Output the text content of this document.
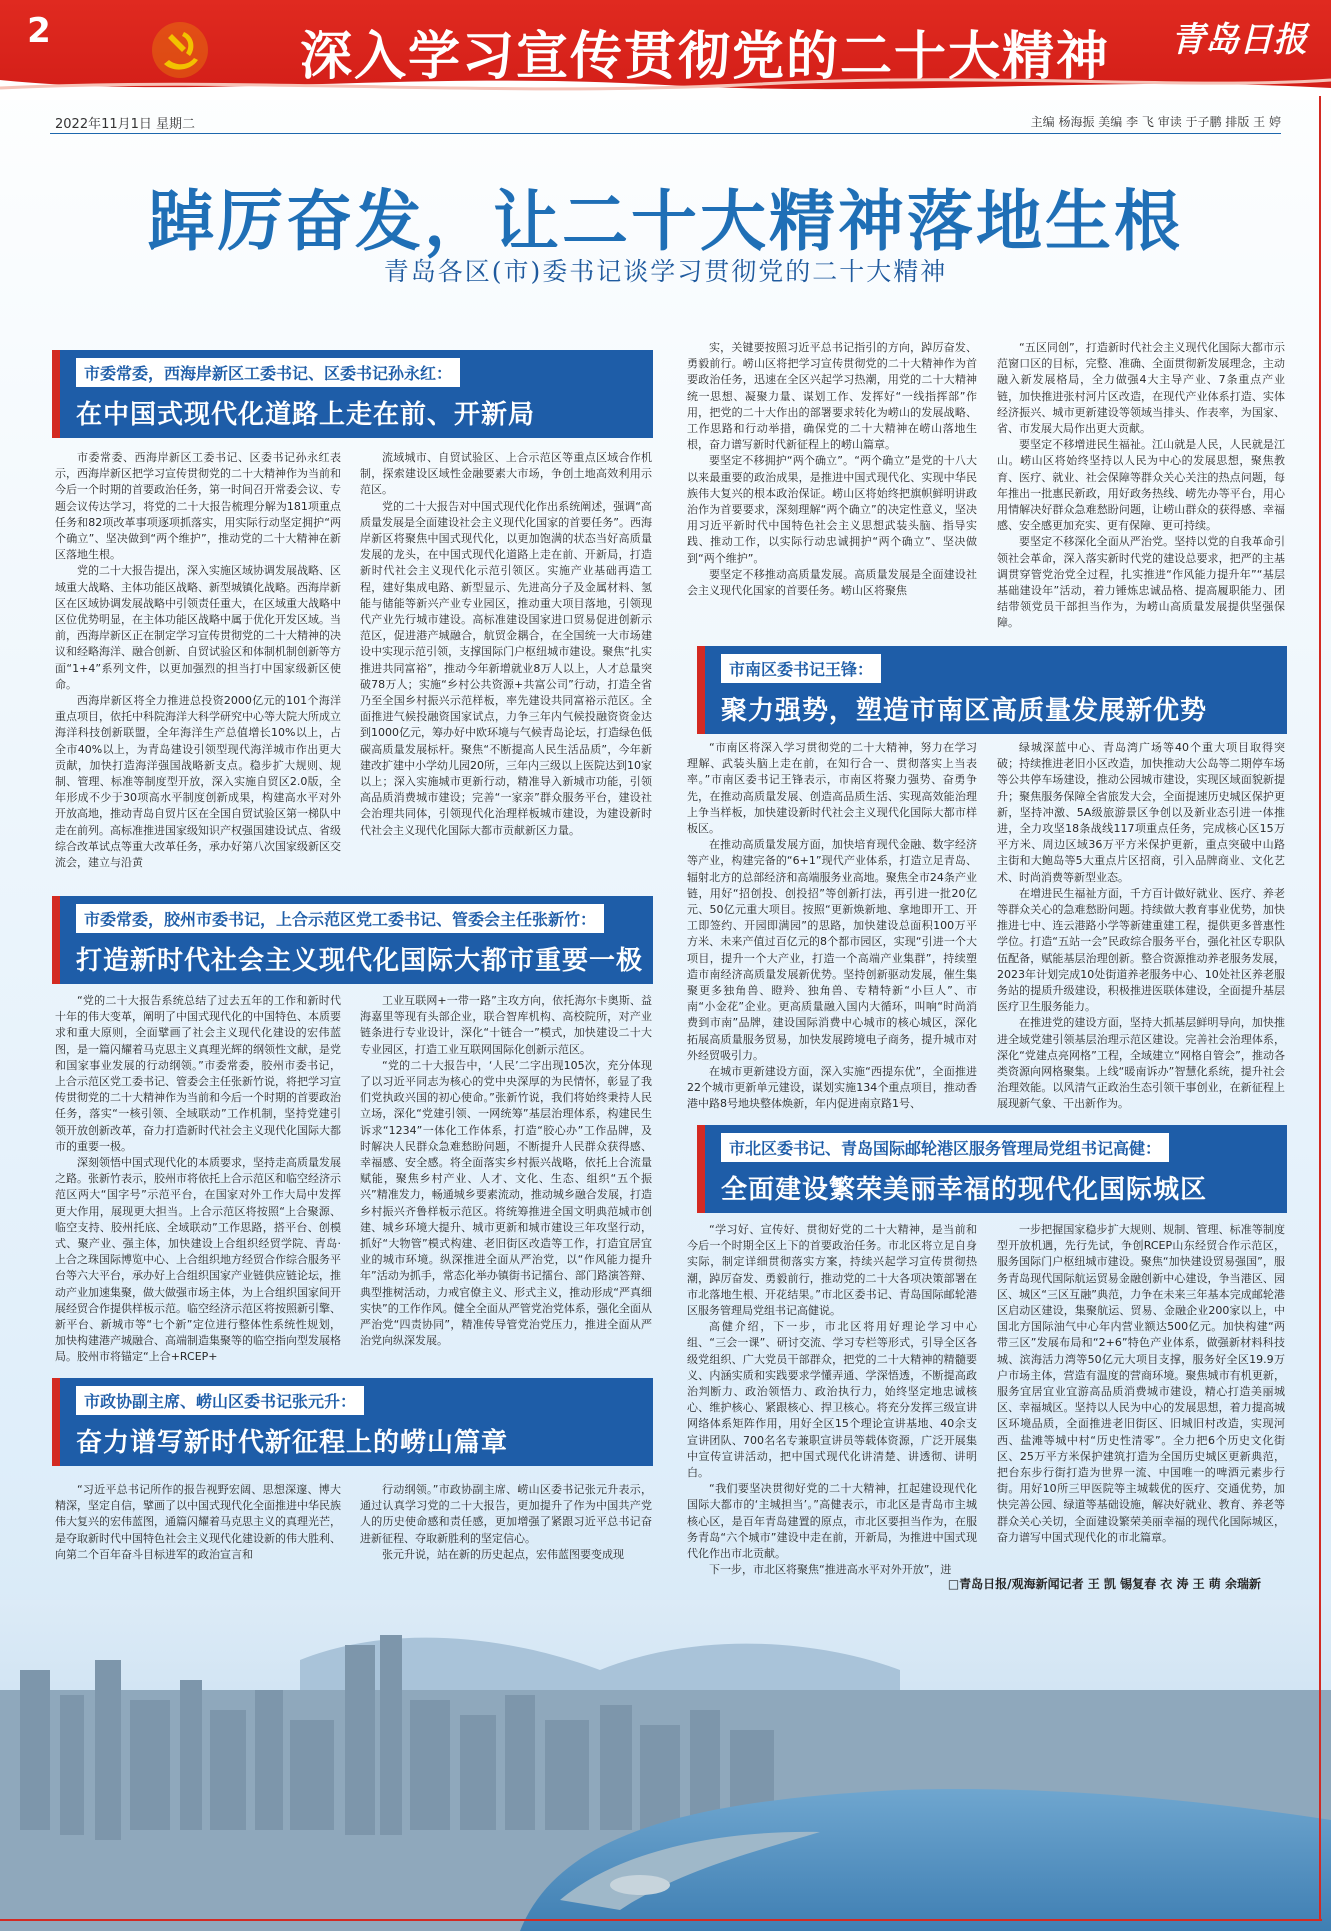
2	深入学习宣传贯彻党的二十大精神 青岛日报
2022年11月1日 星期二	主编 杨海振 美编 李 飞 审读 于子鹏 排版 王 婷
踔厉奋发，让二十大精神落地生根
青岛各区(市)委书记谈学习贯彻党的二十大精神
市委常委，西海岸新区工委书记、区委书记孙永红：
在中国式现代化道路上走在前、开新局

市委常委、西海岸新区工委书记、区委书记孙永红表示，西海岸新区把学习宣传贯彻党的二十大精神作为当前和今后一个时期的首要政治任务，第一时间召开常委会议、专题会议传达学习，将党的二十大报告梳理分解为181项重点任务和82项改革事项逐项抓落实，用实际行动坚定拥护“两个确立”、坚决做到“两个维护”，推动党的二十大精神在新区落地生根。

党的二十大报告提出，深入实施区域协调发展战略、区域重大战略、主体功能区战略、新型城镇化战略。西海岸新区在区域协调发展战略中引领责任重大，在区域重大战略中区位优势明显，在主体功能区战略中属于优化开发区域。当前，西海岸新区正在制定学习宣传贯彻党的二十大精神的决议和经略海洋、融合创新、自贸试验区和体制机制创新等方面“1+4”系列文件，以更加强烈的担当打中国家级新区使命。

西海岸新区将全力推进总投资2000亿元的101个海洋重点项目，依托中科院海洋大科学研究中心等大院大所成立海洋科技创新联盟，全年海洋生产总值增长10%以上，占全市40%以上，为青岛建设引领型现代海洋城市作出更大贡献，加快打造海洋强国战略新支点。稳步扩大规则、规制、管理、标准等制度型开放，深入实施自贸区2.0版，全年形成不少于30项高水平制度创新成果，构建高水平对外开放高地，推动青岛自贸片区在全国自贸试验区第一梯队中走在前列。高标准推进国家级知识产权强国建设试点、省级综合改革试点等重大改革任务，承办好第八次国家级新区交流会，建立与沿黄

流域城市、自贸试验区、上合示范区等重点区域合作机制，探索建设区域性金融要素大市场，争创土地高效利用示范区。

党的二十大报告对中国式现代化作出系统阐述，强调“高质量发展是全面建设社会主义现代化国家的首要任务”。西海岸新区将聚焦中国式现代化，以更加饱满的状态当好高质量发展的龙头，在中国式现代化道路上走在前、开新局，打造新时代社会主义现代化示范引领区。实施产业基础再造工程，建好集成电路、新型显示、先进高分子及金属材料、氢能与储能等新兴产业专业园区，推动重大项目落地，引领现代产业先行城市建设。高标准建设国家进口贸易促进创新示范区，促进港产城融合，航贸金耦合，在全国统一大市场建设中实现示范引领，支撑国际门户枢纽城市建设。聚焦“扎实推进共同富裕”，推动今年新增就业8万人以上，人才总量突破78万人；实施“乡村公共资源+共富公司”行动，打造全省乃至全国乡村振兴示范样板，率先建设共同富裕示范区。全面推进气候投融资国家试点，力争三年内气候投融资资金达到1000亿元，筹办好中欧环境与气候青岛论坛，打造绿色低碳高质量发展标杆。聚焦“不断提高人民生活品质”，今年新建改扩建中小学幼儿园20所，三年内三级以上医院达到10家以上；深入实施城市更新行动，精准导入新城市功能，引领高品质消费城市建设；完善“一家亲”群众服务平台，建设社会治理共同体，引领现代化治理样板城市建设，为建设新时代社会主义现代化国际大都市贡献新区力量。

市委常委，胶州市委书记，上合示范区党工委书记、管委会主任张新竹：
打造新时代社会主义现代化国际大都市重要一极

“党的二十大报告系统总结了过去五年的工作和新时代十年的伟大变革，阐明了中国式现代化的中国特色、本质要求和重大原则，全面擘画了社会主义现代化建设的宏伟蓝图，是一篇闪耀着马克思主义真理光辉的纲领性文献，是党和国家事业发展的行动纲领。”市委常委，胶州市委书记，上合示范区党工委书记、管委会主任张新竹说，将把学习宣传贯彻党的二十大精神作为当前和今后一个时期的首要政治任务，落实“一核引领、全域联动”工作机制，坚持党建引领开放创新改革，奋力打造新时代社会主义现代化国际大都市的重要一极。

深刻领悟中国式现代化的本质要求，坚持走高质量发展之路。张新竹表示，胶州市将依托上合示范区和临空经济示范区两大“国字号”示范平台，在国家对外工作大局中发挥更大作用，展现更大担当。上合示范区将按照“上合聚源、临空支持、胶州托底、全域联动”工作思路，搭平台、创模式、聚产业、强主体，加快建设上合组织经贸学院、青岛·上合之珠国际博览中心、上合组织地方经贸合作综合服务平台等六大平台，承办好上合组织国家产业链供应链论坛，推动产业加速集聚，做大做强市场主体，为上合组织国家间开展经贸合作提供样板示范。临空经济示范区将按照新引擎、新平台、新城市等“七个新”定位进行整体性系统性规划，加快构建港产城融合、高端制造集聚等的临空指向型发展格局。胶州市将锚定“上合+RCEP+

工业互联网+一带一路”主攻方向，依托海尔卡奥斯、益海嘉里等现有头部企业，联合智库机构、高校院所，对产业链条进行专业设计，深化“十链合一”模式，加快建设二十大专业园区，打造工业互联网国际化创新示范区。

“党的二十大报告中，‘人民’二字出现105次，充分体现了以习近平同志为核心的党中央深厚的为民情怀，彰显了我们党执政兴国的初心使命。”张新竹说，我们将始终秉持人民立场，深化“党建引领、一网统筹”基层治理体系，构建民生诉求“1234”一体化工作体系，打造“胶心办”工作品牌，及时解决人民群众急难愁盼问题，不断提升人民群众获得感、幸福感、安全感。将全面落实乡村振兴战略，依托上合流量赋能，聚焦乡村产业、人才、文化、生态、组织“五个振兴”精准发力，畅通城乡要素流动，推动城乡融合发展，打造乡村振兴齐鲁样板示范区。将统筹推进全国文明典范城市创建、城乡环境大提升、城市更新和城市建设三年攻坚行动，抓好“大物管”模式构建、老旧街区改造等工作，打造宜居宜业的城市环境。纵深推进全面从严治党，以“作风能力提升年”活动为抓手，常态化举办镇街书记擂台、部门路演答辩、典型推树活动，力戒官僚主义、形式主义，推动形成“严真细实快”的工作作风。健全全面从严管党治党体系，强化全面从严治党“四责协同”，精准传导管党治党压力，推进全面从严治党向纵深发展。

市政协副主席、崂山区委书记张元升：
奋力谱写新时代新征程上的崂山篇章

“习近平总书记所作的报告视野宏阔、思想深邃、博大精深，坚定自信，擘画了以中国式现代化全面推进中华民族伟大复兴的宏伟蓝图，通篇闪耀着马克思主义的真理光芒，是夺取新时代中国特色社会主义现代化建设新的伟大胜利、向第二个百年奋斗目标进军的政治宣言和

行动纲领。”市政协副主席、崂山区委书记张元升表示，通过认真学习党的二十大报告，更加提升了作为中国共产党人的历史使命感和责任感，更加增强了紧跟习近平总书记奋进新征程、夺取新胜利的坚定信心。

张元升说，站在新的历史起点，宏伟蓝图要变成现

实，关键要按照习近平总书记指引的方向，踔厉奋发、勇毅前行。崂山区将把学习宣传贯彻党的二十大精神作为首要政治任务，迅速在全区兴起学习热潮，用党的二十大精神统一思想、凝聚力量、谋划工作、发挥好“一线指挥部”作用，把党的二十大作出的部署要求转化为崂山的发展战略、工作思路和行动举措，确保党的二十大精神在崂山落地生根，奋力谱写新时代新征程上的崂山篇章。

要坚定不移拥护“两个确立”。“两个确立”是党的十八大以来最重要的政治成果，是推进中国式现代化、实现中华民族伟大复兴的根本政治保证。崂山区将始终把旗帜鲜明讲政治作为首要要求，深刻理解“两个确立”的决定性意义，坚决用习近平新时代中国特色社会主义思想武装头脑、指导实践、推动工作，以实际行动忠诚拥护“两个确立”、坚决做到“两个维护”。

要坚定不移推动高质量发展。高质量发展是全面建设社会主义现代化国家的首要任务。崂山区将聚焦

“五区同创”，打造新时代社会主义现代化国际大都市示范窗口区的目标，完整、准确、全面贯彻新发展理念，主动融入新发展格局，全力做强4大主导产业、7条重点产业链，加快推进张村河片区改造，在现代产业体系打造、实体经济振兴、城市更新建设等领域当排头、作表率，为国家、省、市发展大局作出更大贡献。

要坚定不移增进民生福祉。江山就是人民，人民就是江山。崂山区将始终坚持以人民为中心的发展思想，聚焦教育、医疗、就业、社会保障等群众关心关注的热点问题，每年推出一批惠民新政，用好政务热线、崂先办等平台，用心用情解决好群众急难愁盼问题，让崂山群众的获得感、幸福感、安全感更加充实、更有保障、更可持续。

要坚定不移深化全面从严治党。坚持以党的自我革命引领社会革命，深入落实新时代党的建设总要求，把严的主基调贯穿管党治党全过程，扎实推进“作风能力提升年”“基层基础建设年”活动，着力锤炼忠诚品格、提高履职能力、团结带领党员干部担当作为，为崂山高质量发展提供坚强保障。

市南区委书记王锋：
聚力强势，塑造市南区高质量发展新优势

“市南区将深入学习贯彻党的二十大精神，努力在学习理解、武装头脑上走在前，在知行合一、贯彻落实上当表率。”市南区委书记王锋表示，市南区将聚力强势、奋勇争先，在推动高质量发展、创造高品质生活、实现高效能治理上争当样板，加快建设新时代社会主义现代化国际大都市样板区。

在推动高质量发展方面，加快培育现代金融、数字经济等产业，构建完备的“6+1”现代产业体系，打造立足青岛、辐射北方的总部经济和高端服务业高地。聚焦全市24条产业链，用好“招创投、创投招”等创新打法，再引进一批20亿元、50亿元重大项目。按照“更新焕新地、拿地即开工、开工即签约、开园即满园”的思路，加快建设总面积100万平方米、未来产值过百亿元的8个都市园区，实现“引进一个大项目，提升一个大产业，打造一个高端产业集群”，持续塑造市南经济高质量发展新优势。坚持创新驱动发展，催生集聚更多独角兽、瞪羚、独角兽、专精特新“小巨人”、市南“小金花”企业。更高质量融入国内大循环，叫响“时尚消费到市南”品牌，建设国际消费中心城市的核心城区，深化拓展高质量服务贸易，加快发展跨境电子商务，提升城市对外经贸吸引力。

在城市更新建设方面，深入实施“西提东优”，全面推进22个城市更新单元建设，谋划实施134个重点项目，推动香港中路8号地块整体焕新，年内促进南京路1号、

绿城深蓝中心、青岛湾广场等40个重大项目取得突破；持续推进老旧小区改造，加快推动大公岛等二期停车场等公共停车场建设，推动公园城市建设，实现区域面貌新提升；聚焦服务保障全省旅发大会，全面提速历史城区保护更新，坚持冲激、5A级旅游景区争创以及新业态引进一体推进，全力攻坚18条战线117项重点任务，完成核心区15万平方米、周边区域36万平方米保护更新，重点突破中山路主街和大鲍岛等5大重点片区招商，引入品牌商业、文化艺术、时尚消费等新型业态。

在增进民生福祉方面，千方百计做好就业、医疗、养老等群众关心的急难愁盼问题。持续做大教育事业优势，加快推进七中、连云港路小学等新建重建工程，提供更多普惠性学位。打造“五站一会”民政综合服务平台，强化社区专职队伍配备，赋能基层治理创新。整合资源推动养老服务发展，2023年计划完成10处街道养老服务中心、10处社区养老服务站的提质升级建设，积极推进医联体建设，全面提升基层医疗卫生服务能力。

在推进党的建设方面，坚持大抓基层鲜明导向，加快推进全域党建引领基层治理示范区建设。完善社会治理体系，深化“党建点亮网格”工程，全域建立“网格自管会”，推动各类资源向网格聚集。上线“暖南诉办”智慧化系统，提升社会治理效能。以风清气正政治生态引领干事创业，在新征程上展现新气象、干出新作为。

市北区委书记、青岛国际邮轮港区服务管理局党组书记高健：
全面建设繁荣美丽幸福的现代化国际城区

“学习好、宣传好、贯彻好党的二十大精神，是当前和今后一个时期全区上下的首要政治任务。市北区将立足自身实际，制定详细贯彻落实方案，持续兴起学习宣传贯彻热潮，踔厉奋发、勇毅前行，推动党的二十大各项决策部署在市北落地生根、开花结果。”市北区委书记、青岛国际邮轮港区服务管理局党组书记高健说。

高健介绍，下一步，市北区将用好理论学习中心组、“三会一课”、研讨交流、学习专栏等形式，引导全区各级党组织、广大党员干部群众，把党的二十大精神的精髓要义、内涵实质和实践要求学懂弄通、学深悟透，不断提高政治判断力、政治领悟力、政治执行力，始终坚定地忠诚核心、维护核心、紧跟核心、捍卫核心。将充分发挥三级宣讲网络体系矩阵作用，用好全区15个理论宣讲基地、40余支宣讲团队、700名名专兼职宣讲员等载体资源，广泛开展集中宣传宣讲活动，把中国式现代化讲清楚、讲透彻、讲明白。

“我们要坚决贯彻好党的二十大精神，扛起建设现代化国际大都市的‘主城担当’。”高健表示，市北区是青岛市主城核心区，是百年青岛建置的原点，市北区要担当作为，在服务青岛“六个城市”建设中走在前，开新局，为推进中国式现代化作出市北贡献。

下一步，市北区将聚焦“推进高水平对外开放”，进

一步把握国家稳步扩大规则、规制、管理、标准等制度型开放机遇，先行先试，争创RCEP山东经贸合作示范区，服务国际门户枢纽城市建设。聚焦“加快建设贸易强国”，服务青岛现代国际航运贸易金融创新中心建设，争当港区、园区、城区“三区互融”典范，力争在未来三年基本完成邮轮港区启动区建设，集聚航运、贸易、金融企业200家以上，中国北方国际油气中心年内营业额达500亿元。加快构建“两带三区”发展布局和“2+6”特色产业体系，做强新材料科技城、滨海活力湾等50亿元大项目支撑，服务好全区19.9万户市场主体，营造有温度的营商环境。聚焦城市有机更新，服务宜居宜业宜游高品质消费城市建设，精心打造美丽城区、幸福城区。坚持以人民为中心的发展思想，着力提高城区环境品质，全面推进老旧街区、旧城旧村改造，实现河西、盐滩等城中村“历史性清零”。全力把6个历史文化街区、25万平方米保护建筑打造为全国历史城区更新典范，把台东步行街打造为世界一流、中国唯一的啤酒元素步行街。用好10所三甲医院等主城载优的医疗、交通优势，加快完善公园、绿道等基础设施，解决好就业、教育、养老等群众关心关切，全面建设繁荣美丽幸福的现代化国际城区，奋力谱写中国式现代化的市北篇章。

□青岛日报/观海新闻记者 王 凯 锡复春 衣 涛 王 萌 余瑞新
